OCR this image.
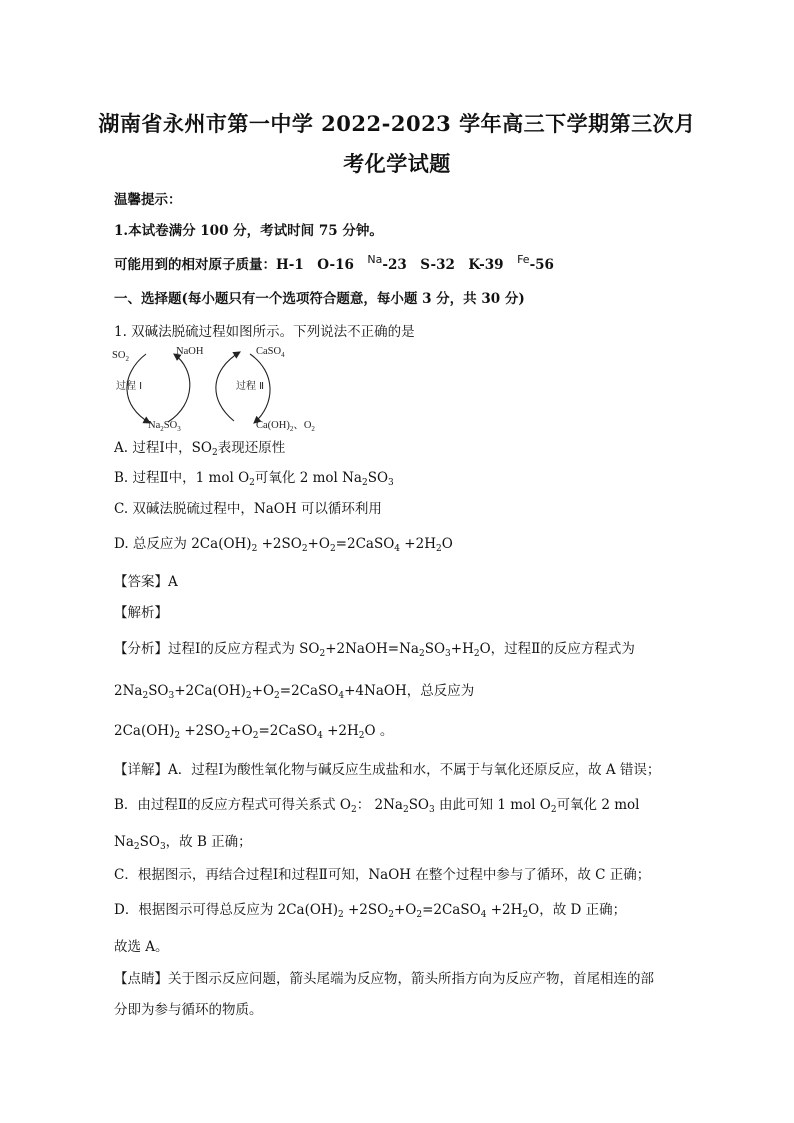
湖南省永州市第一中学 2022-2023 学年高三下学期第三次月
考化学试题
温馨提示：
1.本试卷满分 100 分，考试时间 75 分钟。
可能用到的相对原子质量：H-1　O-16　$^{Na}$-23　S-32　K-39　$^{Fe}$-56
一、选择题(每小题只有一个选项符合题意，每小题 3 分，共 30 分)
1. 双碱法脱硫过程如图所示。下列说法不正确的是
$SO_2$
NaOH	CaSO$_4$
$Na_2SO_3$	$Ca(OH)_2$、$O_2$
过程 Ⅰ	过程 Ⅱ
A. 过程Ⅰ中，$SO_2$表现还原性
B. 过程Ⅱ中，1 mol $O_2$可氧化 2 mol $Na_2SO_3$
C. 双碱法脱硫过程中，NaOH 可以循环利用
D. 总反应为 $2Ca(OH)_2$ $+2SO_2+O_2=2CaSO_4 +2H_2O$
【答案】A
【解析】
【分析】过程Ⅰ的反应方程式为 $SO_2+2NaOH=Na_2SO_3+H_2O$，过程Ⅱ的反应方程式为
$2Na_2SO_3+2Ca(OH)_2+O_2=2CaSO_4+4NaOH$，总反应为
$2Ca(OH)_2$ $+2SO_2+O_2=2CaSO_4 +2H_2O$ 。
【详解】A．过程Ⅰ为酸性氧化物与碱反应生成盐和水，不属于与氧化还原反应，故 A 错误；
B．由过程Ⅱ的反应方程式可得关系式 $O_2$： $2Na_2SO_3$ 由此可知 1 mol $O_2$可氧化 2 mol
$Na_2SO_3$，故 B 正确；
C．根据图示，再结合过程Ⅰ和过程Ⅱ可知，NaOH 在整个过程中参与了循环，故 C 正确；
D．根据图示可得总反应为 $2Ca(OH)_2$ $+2SO_2+O_2=2CaSO_4 +2H_2O$，故 D 正确；
故选 A。
【点睛】关于图示反应问题，箭头尾端为反应物，箭头所指方向为反应产物，首尾相连的部
分即为参与循环的物质。
